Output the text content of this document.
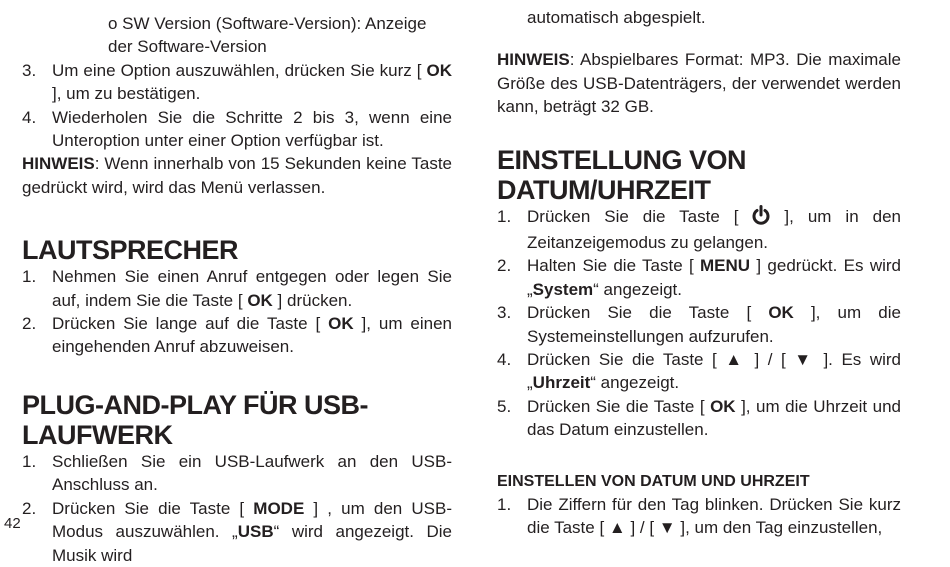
o SW Version (Software-Version): Anzeige der Software-Version
3. Um eine Option auszuwählen, drücken Sie kurz [ OK ], um zu bestätigen.
4. Wiederholen Sie die Schritte 2 bis 3, wenn eine Unteroption unter einer Option verfügbar ist.
HINWEIS: Wenn innerhalb von 15 Sekunden keine Taste gedrückt wird, wird das Menü verlassen.
LAUTSPRECHER
1. Nehmen Sie einen Anruf entgegen oder legen Sie auf, indem Sie die Taste [ OK ] drücken.
2. Drücken Sie lange auf die Taste [ OK ], um einen eingehenden Anruf abzuweisen.
PLUG-AND-PLAY FÜR USB-LAUFWERK
1. Schließen Sie ein USB-Laufwerk an den USB-Anschluss an.
2. Drücken Sie die Taste [ MODE ] , um den USB-Modus auszuwählen. „USB“ wird angezeigt. Die Musik wird
automatisch abgespielt.
HINWEIS: Abspielbares Format: MP3. Die maximale Größe des USB-Datenträgers, der verwendet werden kann, beträgt 32 GB.
EINSTELLUNG VON DATUM/UHRZEIT
1. Drücken Sie die Taste [	], um in den Zeitanzeigemodus zu gelangen.
2. Halten Sie die Taste [ MENU ] gedrückt. Es wird „System“ angezeigt.
3. Drücken Sie die Taste [ OK ], um die Systemeinstellungen aufzurufen.
4. Drücken Sie die Taste [ ▲ ] / [ ▼ ]. Es wird „Uhrzeit“ angezeigt.
5. Drücken Sie die Taste [ OK ], um die Uhrzeit und das Datum einzustellen.
EINSTELLEN VON DATUM UND UHRZEIT
1. Die Ziffern für den Tag blinken. Drücken Sie kurz die Taste [ ▲ ] / [ ▼ ], um den Tag einzustellen,
42
